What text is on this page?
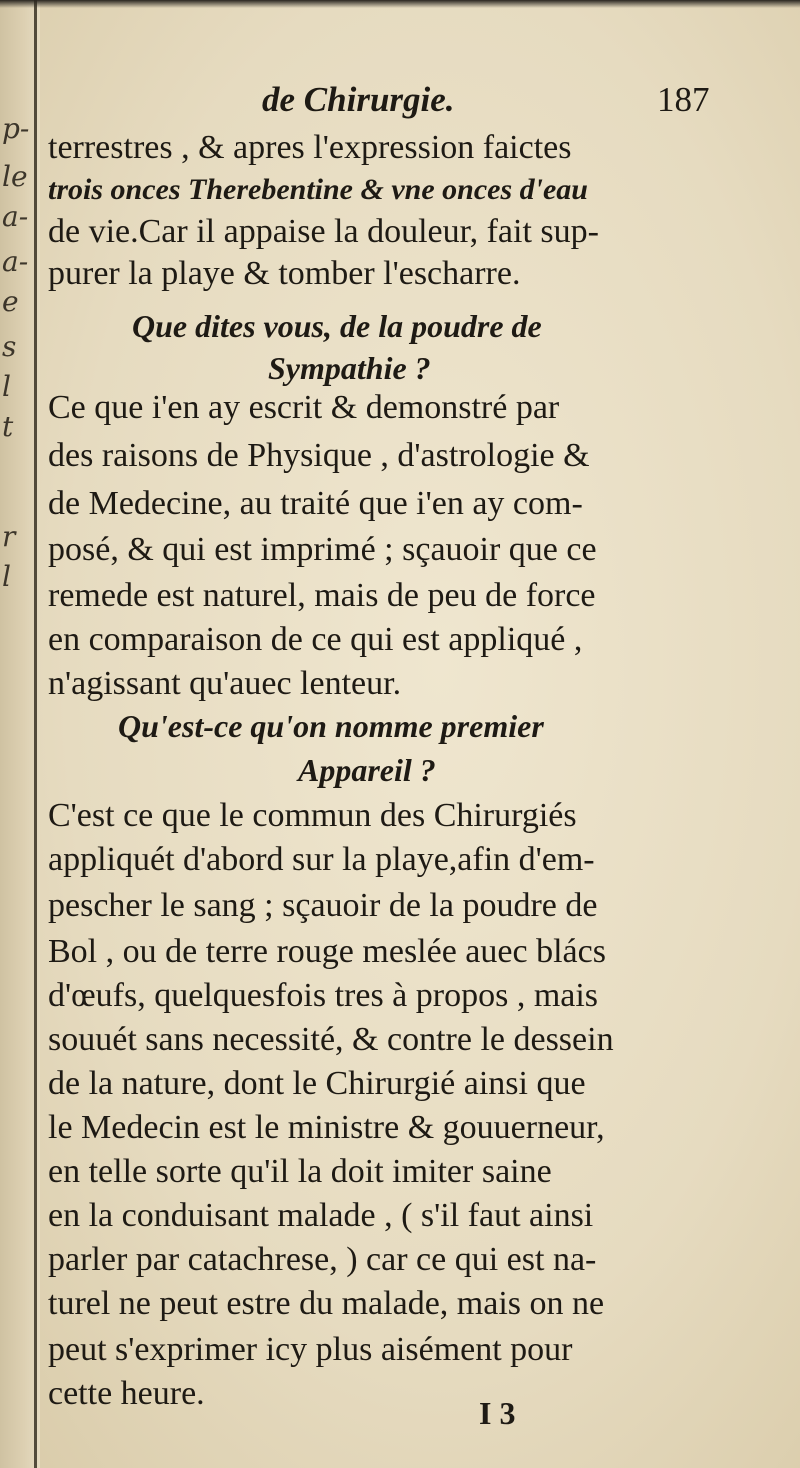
p-
le
a-
a-
e
s
l
t
r
l
de Chirurgie.	187
terrestres , & apres l'expression faictes
trois onces Therebentine & vne onces d'eau
de vie.Car il appaise la douleur, fait sup-
purer la playe & tomber l'escharre.
Que dites vous, de la poudre de
Sympathie ?
Ce que i'en ay escrit & demonstré par
des raisons de Physique , d'astrologie &
de Medecine, au traité que i'en ay com-
posé, & qui est imprimé ; sçauoir que ce
remede est naturel, mais de peu de force
en comparaison de ce qui est appliqué ,
n'agissant qu'auec lenteur.
Qu'est-ce qu'on nomme premier
Appareil ?
C'est ce que le commun des Chirurgiés
appliquét d'abord sur la playe,afin d'em-
pescher le sang ; sçauoir de la poudre de
Bol , ou de terre rouge meslée auec blács
d'œufs, quelquesfois tres à propos , mais
souuét sans necessité, & contre le dessein
de la nature, dont le Chirurgié ainsi que
le Medecin est le ministre & gouuerneur,
en telle sorte qu'il la doit imiter saine
en la conduisant malade , ( s'il faut ainsi
parler par catachrese, ) car ce qui est na-
turel ne peut estre du malade, mais on ne
peut s'exprimer icy plus aisément pour
cette heure.
I 3
